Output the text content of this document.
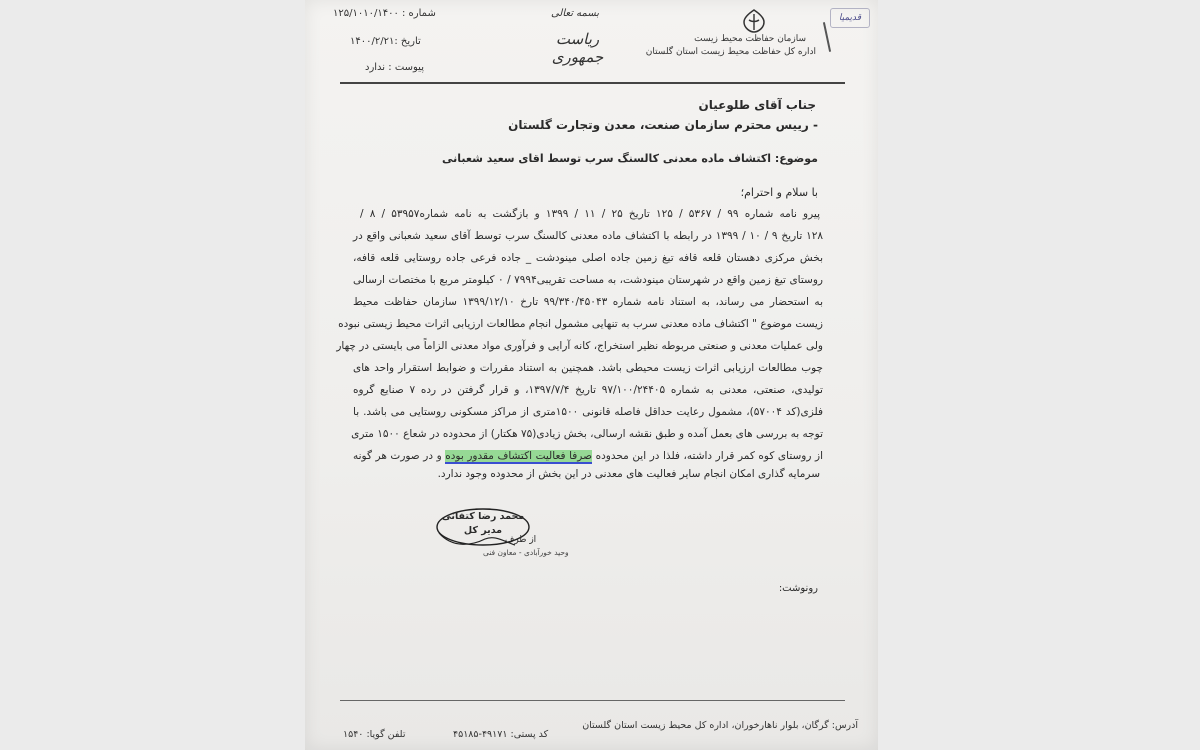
قدیمیا
شماره : ۱۲۵/۱۰۱۰/۱۴۰۰
تاریخ :۱۴۰۰/۲/۲۱
پیوست : ندارد
بسمه تعالی
ریاست جمهوری
سازمان حفاظت محیط زیست
اداره کل حفاظت محیط زیست استان گلستان
جناب آقای طلوعیان
- رییس محترم سازمان صنعت، معدن وتجارت گلستان
موضوع: اکتشاف ماده معدنی کالسنگ سرب توسط اقای سعید شعبانی
با سلام و احترام؛
پیرو نامه شماره ۹۹ / ۵۳۶۷ / ۱۲۵ تاریخ ۲۵ / ۱۱ / ۱۳۹۹ و بازگشت به نامه شماره۵۳۹۵۷ / ۸ /
۱۲۸ تاریخ ۹ / ۱۰ / ۱۳۹۹ در رابطه با اکتشاف ماده معدنی کالسنگ سرب توسط آقای سعید شعبانی واقع در
بخش مرکزی دهستان قلعه قافه تیغ زمین جاده اصلی مینودشت _ جاده فرعی جاده روستایی قلعه قافه،
روستای تیغ زمین واقع در شهرستان مینودشت، به مساحت تقریبی۷۹۹۴ / ۰ کیلومتر مربع با مختصات ارسالی
به استحضار می رساند، به استناد نامه شماره ۹۹/۳۴۰/۴۵۰۴۳ تارخ ۱۳۹۹/۱۲/۱۰ سازمان حفاظت محیط
زیست موضوع " اکتشاف ماده معدنی سرب به تنهایی مشمول انجام مطالعات ارزیابی اثرات محیط زیستی نبوده
ولی عملیات معدنی و صنعتی مربوطه نظیر استخراج، کانه آرایی و فرآوری مواد معدنی الزاماً می بایستی در چهار
چوب مطالعات ارزیابی اثرات زیست محیطی باشد. همچنین به استناد مقررات و ضوابط استقرار واحد های
تولیدی، صنعتی، معدنی به شماره ۹۷/۱۰۰/۲۴۴۰۵ تاریخ ۱۳۹۷/۷/۴، و قرار گرفتن در رده ۷ صنایع گروه
فلزی(کد ۵۷۰۰۴)، مشمول رعایت حداقل فاصله قانونی ۱۵۰۰متری از مراکز مسکونی روستایی می باشد. با
توجه به بررسی های بعمل آمده و طبق نقشه ارسالی، بخش زیادی(۷۵ هکتار) از محدوده در شعاع ۱۵۰۰ متری
از روستای کوه کمر قرار داشته، فلذا در این محدوده صرفا فعالیت اکتشاف مقدور بوده و در صورت هر گونه
سرمایه گذاری امکان انجام سایر فعالیت های معدنی در این بخش از محدوده وجود ندارد.
محمد رضا کتفانی
مدیر کل
از طرف
وحید خورآبادی - معاون فنی
رونوشت:
آدرس: گرگان، بلوار ناهارخوران، اداره کل محیط زیست استان گلستان
کد پستی: ۴۹۱۷۱-۴۵۱۸۵
تلفن گویا: ۱۵۴۰
